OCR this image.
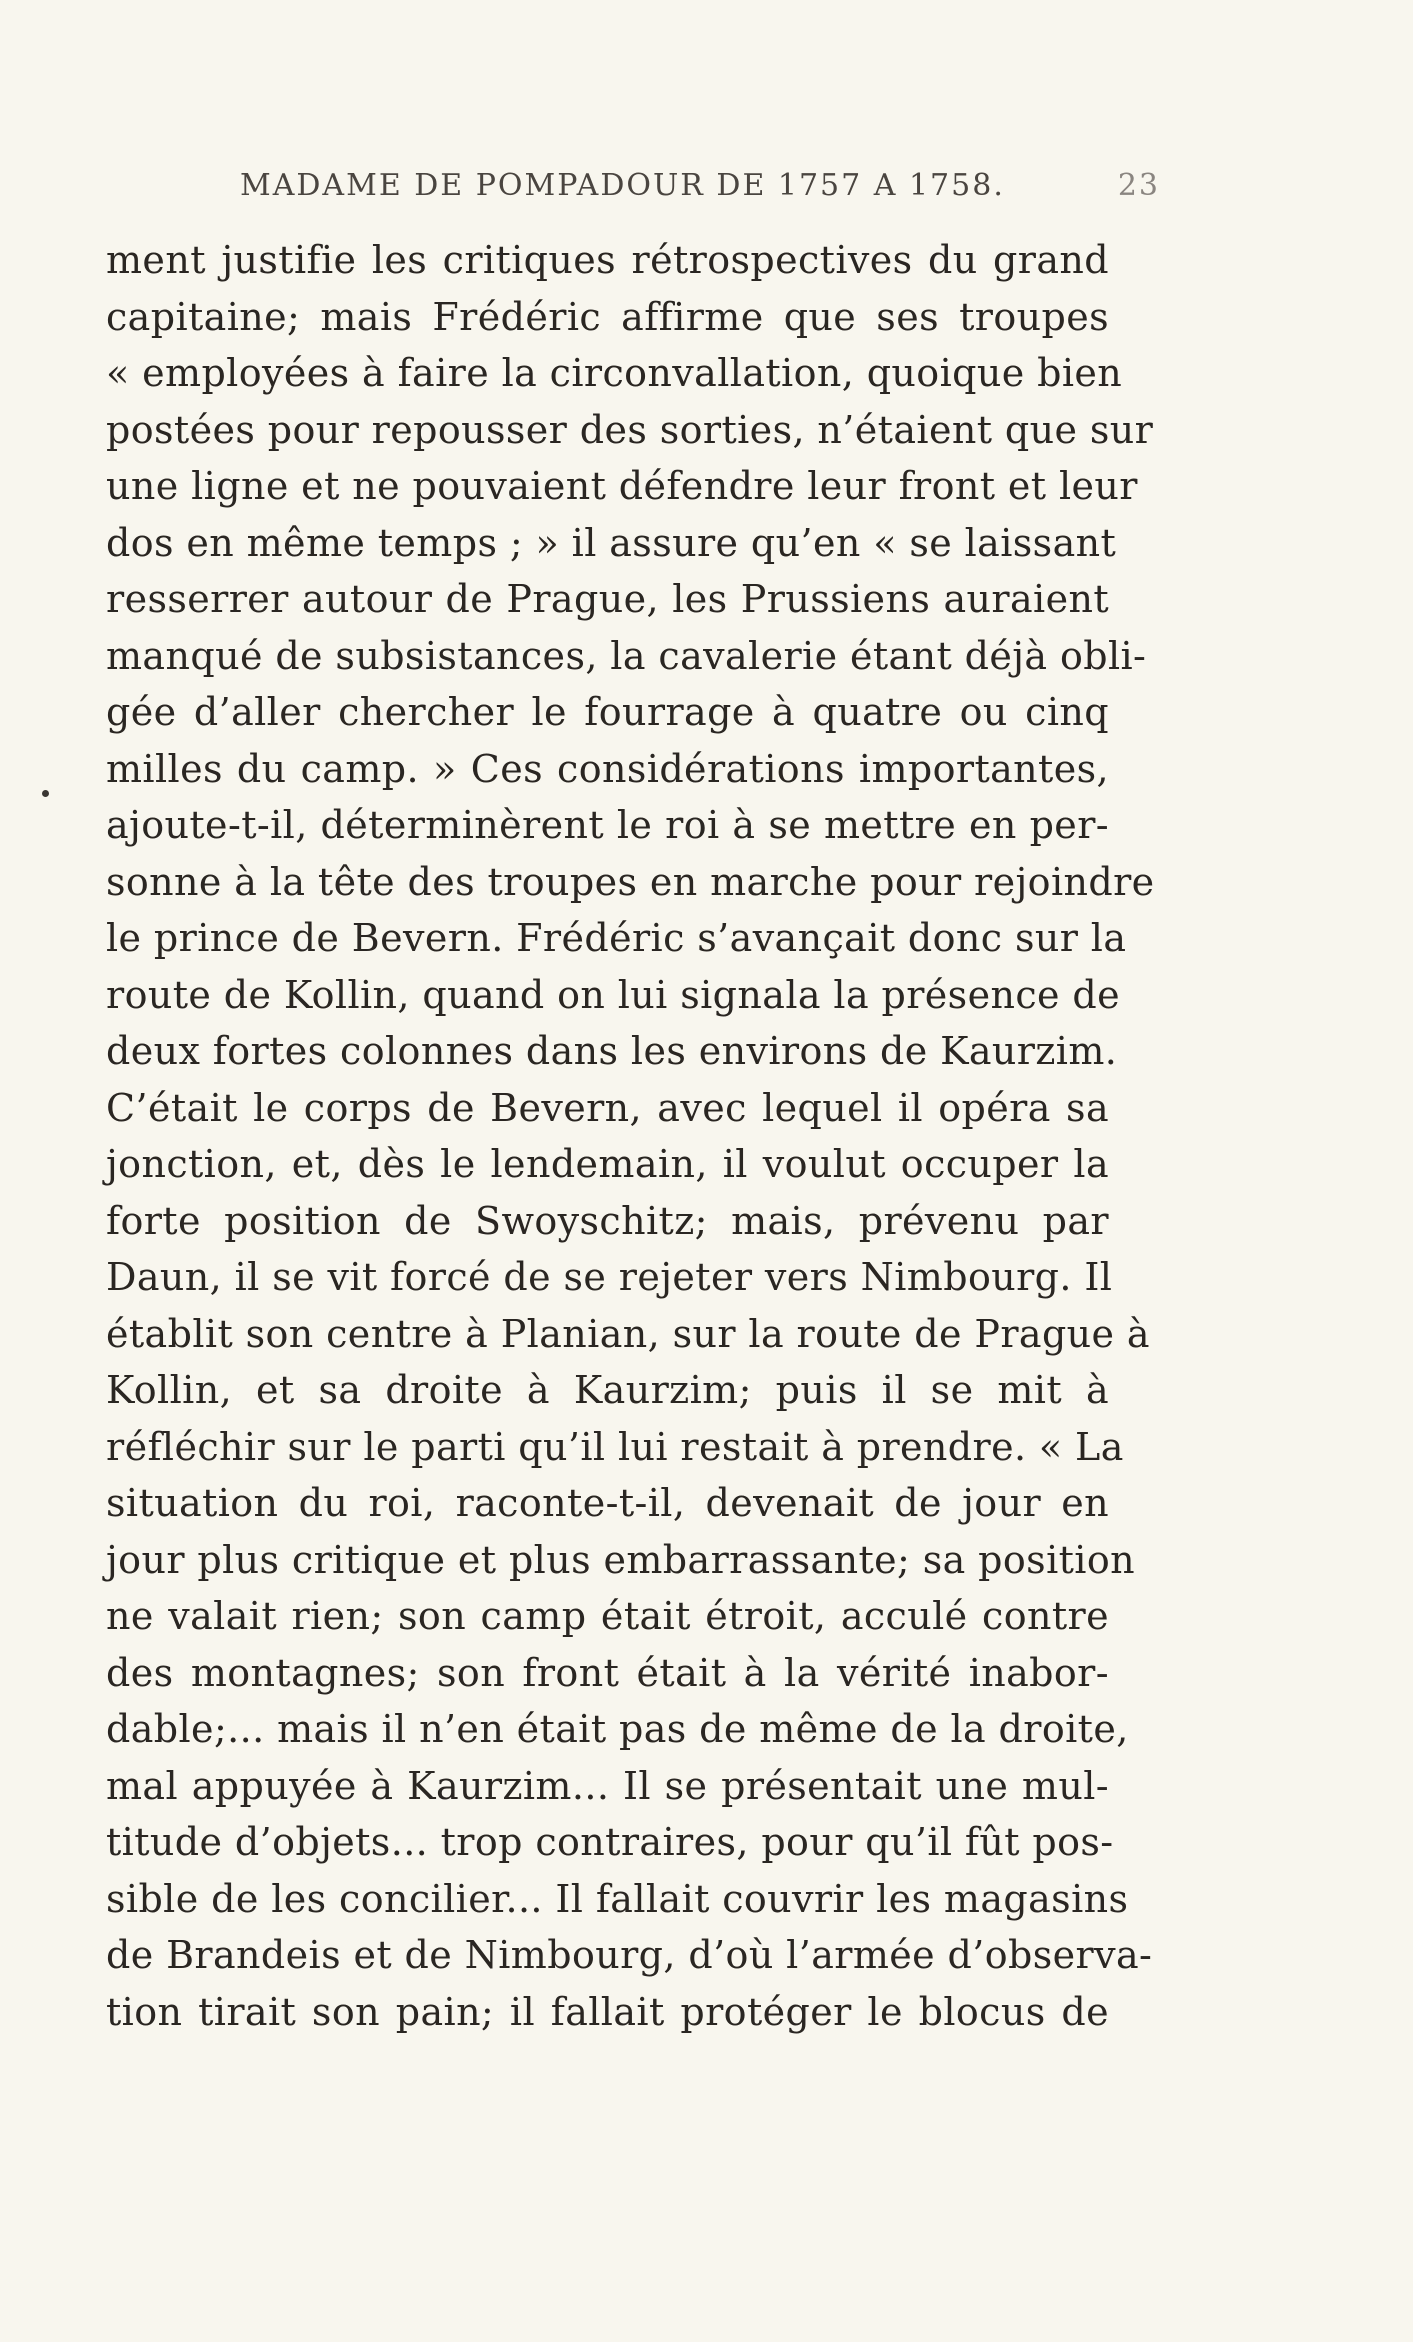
MADAME DE POMPADOUR DE 1757 A 1758.	23
ment justifie les critiques rétrospectives du grand
capitaine; mais Frédéric affirme que ses troupes
« employées à faire la circonvallation, quoique bien
postées pour repousser des sorties, n’étaient que sur
une ligne et ne pouvaient défendre leur front et leur
dos en même temps ; » il assure qu’en « se laissant
resserrer autour de Prague, les Prussiens auraient
manqué de subsistances, la cavalerie étant déjà obli-
gée d’aller chercher le fourrage à quatre ou cinq
milles du camp. » Ces considérations importantes,
ajoute-t-il, déterminèrent le roi à se mettre en per-
sonne à la tête des troupes en marche pour rejoindre
le prince de Bevern. Frédéric s’avançait donc sur la
route de Kollin, quand on lui signala la présence de
deux fortes colonnes dans les environs de Kaurzim.
C’était le corps de Bevern, avec lequel il opéra sa
jonction, et, dès le lendemain, il voulut occuper la
forte position de Swoyschitz; mais, prévenu par
Daun, il se vit forcé de se rejeter vers Nimbourg. Il
établit son centre à Planian, sur la route de Prague à
Kollin, et sa droite à Kaurzim; puis il se mit à
réfléchir sur le parti qu’il lui restait à prendre. « La
situation du roi, raconte-t-il, devenait de jour en
jour plus critique et plus embarrassante; sa position
ne valait rien; son camp était étroit, acculé contre
des montagnes; son front était à la vérité inabor-
dable;... mais il n’en était pas de même de la droite,
mal appuyée à Kaurzim... Il se présentait une mul-
titude d’objets... trop contraires, pour qu’il fût pos-
sible de les concilier... Il fallait couvrir les magasins
de Brandeis et de Nimbourg, d’où l’armée d’observa-
tion tirait son pain; il fallait protéger le blocus de
